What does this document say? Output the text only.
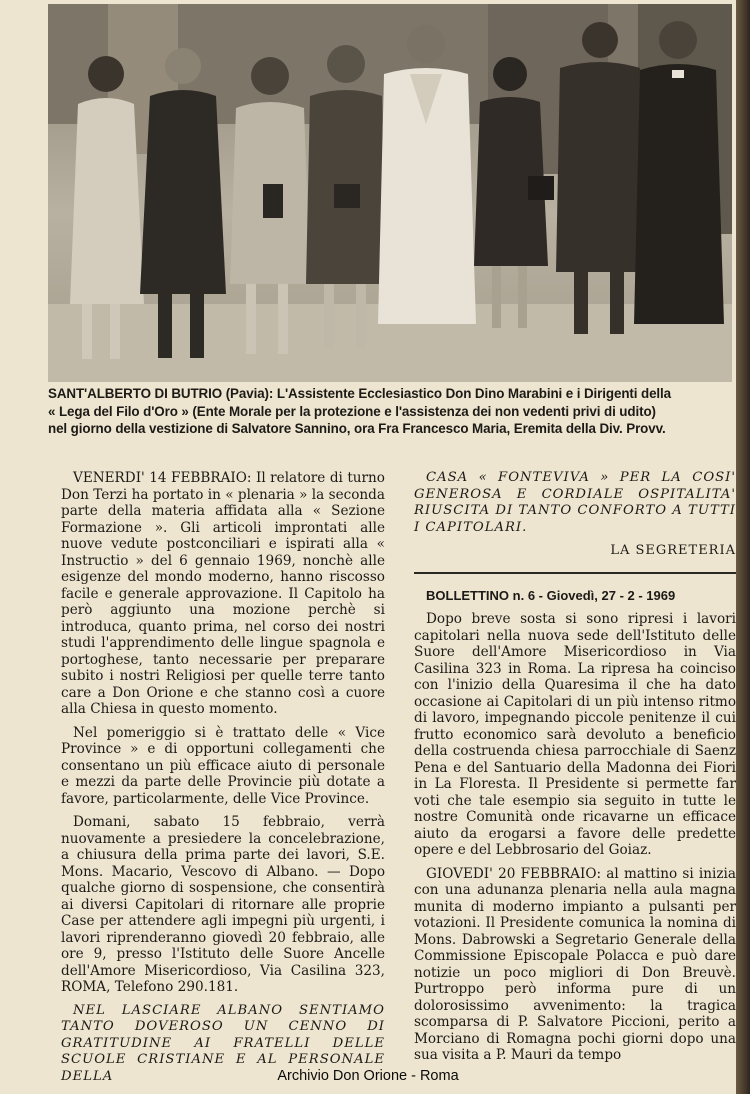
SANT'ALBERTO DI BUTRIO (Pavia): L'Assistente Ecclesiastico Don Dino Marabini e i Dirigenti della
« Lega del Filo d'Oro » (Ente Morale per la protezione e l'assistenza dei non vedenti privi di udito)
nel giorno della vestizione di Salvatore Sannino, ora Fra Francesco Maria, Eremita della Div. Provv.

VENERDI' 14 FEBBRAIO: Il relatore di turno Don Terzi ha portato in « plenaria » la seconda parte della materia affidata alla « Sezione Formazione ». Gli articoli improntati alle nuove vedute postconciliari e ispirati alla « Instructio » del 6 gennaio 1969, nonchè alle esigenze del mondo moderno, hanno riscosso facile e generale approvazione. Il Capitolo ha però aggiunto una mozione perchè si introduca, quanto prima, nel corso dei nostri studi l'apprendimento delle lingue spagnola e portoghese, tanto necessarie per preparare subito i nostri Religiosi per quelle terre tanto care a Don Orione e che stanno così a cuore alla Chiesa in questo momento.

Nel pomeriggio si è trattato delle « Vice Province » e di opportuni collegamenti che consentano un più efficace aiuto di personale e mezzi da parte delle Provincie più dotate a favore, particolarmente, delle Vice Province.

Domani, sabato 15 febbraio, verrà nuovamente a presiedere la concelebrazione, a chiusura della prima parte dei lavori, S.E. Mons. Macario, Vescovo di Albano. — Dopo qualche giorno di sospensione, che consentirà ai diversi Capitolari di ritornare alle proprie Case per attendere agli impegni più urgenti, i lavori riprenderanno giovedì 20 febbraio, alle ore 9, presso l'Istituto delle Suore Ancelle dell'Amore Misericordioso, Via Casilina 323, ROMA, Telefono 290.181.

NEL LASCIARE ALBANO SENTIAMO TANTO DOVEROSO UN CENNO DI GRATITUDINE AI FRATELLI DELLE SCUOLE CRISTIANE E AL PERSONALE DELLA

CASA « FONTEVIVA » PER LA COSI' GENEROSA E CORDIALE OSPITALITA' RIUSCITA DI TANTO CONFORTO A TUTTI I CAPITOLARI.

LA SEGRETERIA

BOLLETTINO n. 6 - Giovedì, 27 - 2 - 1969

Dopo breve sosta si sono ripresi i lavori capitolari nella nuova sede dell'Istituto delle Suore dell'Amore Misericordioso in Via Casilina 323 in Roma. La ripresa ha coinciso con l'inizio della Quaresima il che ha dato occasione ai Capitolari di un più intenso ritmo di lavoro, impegnando piccole penitenze il cui frutto economico sarà devoluto a beneficio della costruenda chiesa parrocchiale di Saenz Pena e del Santuario della Madonna dei Fiori in La Floresta. Il Presidente si permette far voti che tale esempio sia seguito in tutte le nostre Comunità onde ricavarne un efficace aiuto da erogarsi a favore delle predette opere e del Lebbrosario del Goiaz.

GIOVEDI' 20 FEBBRAIO: al mattino si inizia con una adunanza plenaria nella aula magna munita di moderno impianto a pulsanti per votazioni. Il Presidente comunica la nomina di Mons. Dabrowski a Segretario Generale della Commissione Episcopale Polacca e può dare notizie un poco migliori di Don Breuvè. Purtroppo però informa pure di un dolorosissimo avvenimento: la tragica scomparsa di P. Salvatore Piccioni, perito a Morciano di Romagna pochi giorni dopo una sua visita a P. Mauri da tempo

Archivio Don Orione - Roma
